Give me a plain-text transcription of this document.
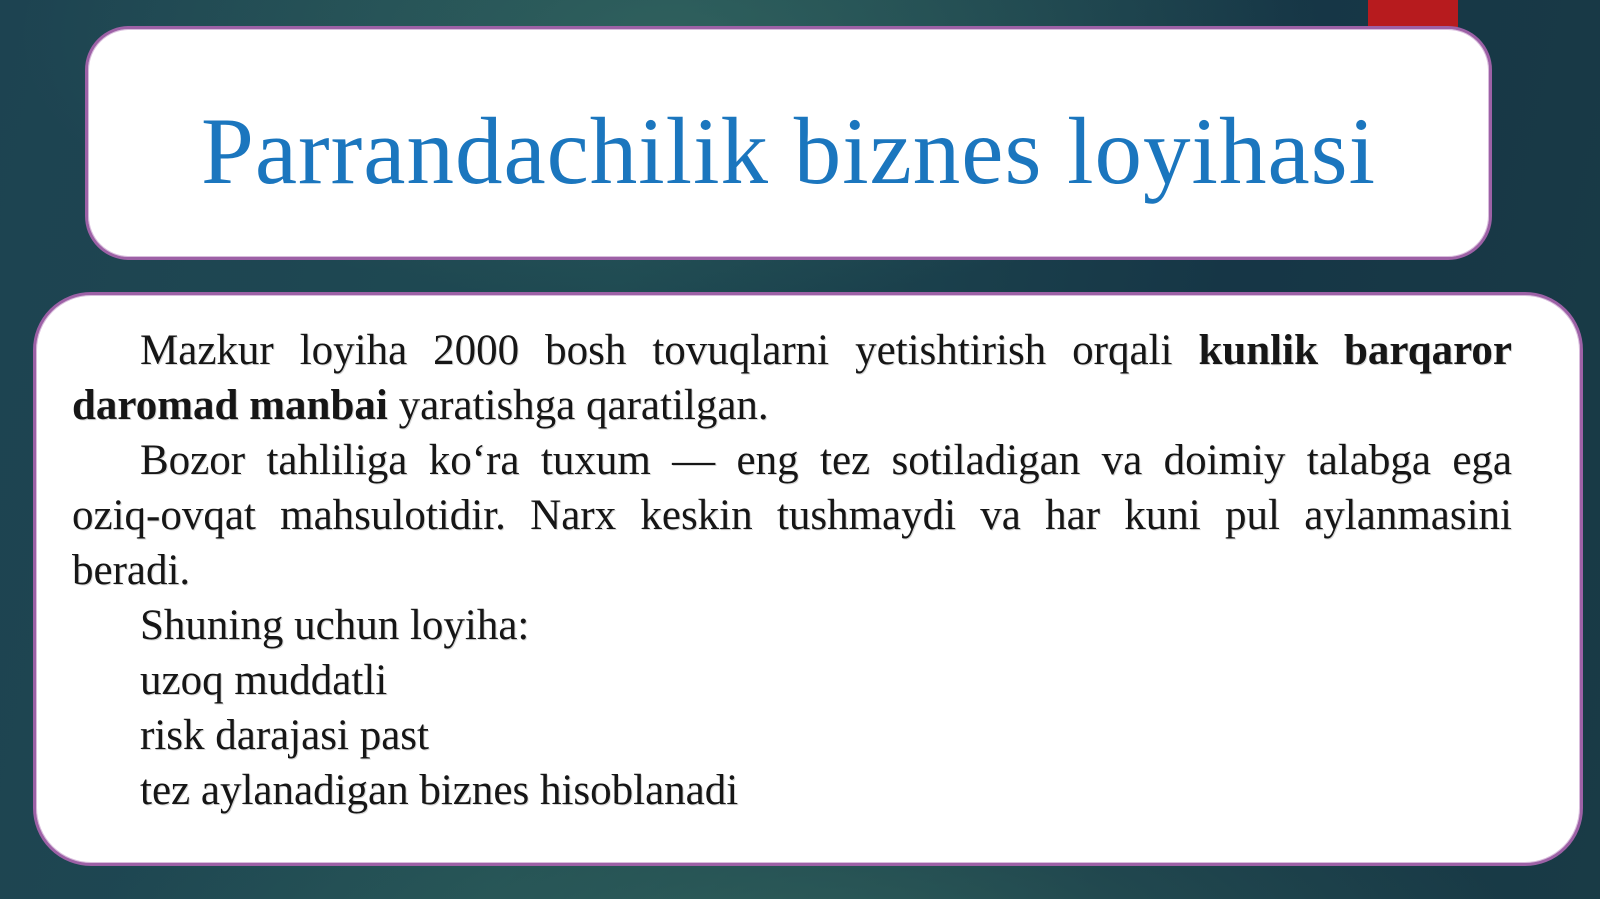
Parrandachilik biznes loyihasi

Mazkur loyiha 2000 bosh tovuqlarni yetishtirish orqali kunlik barqaror

daromad manbai yaratishga qaratilgan.

Bozor tahliliga koʻra tuxum — eng tez sotiladigan va doimiy talabga ega

oziq-ovqat mahsulotidir. Narx keskin tushmaydi va har kuni pul aylanmasini

beradi.

Shuning uchun loyiha:

uzoq muddatli

risk darajasi past

tez aylanadigan biznes hisoblanadi
